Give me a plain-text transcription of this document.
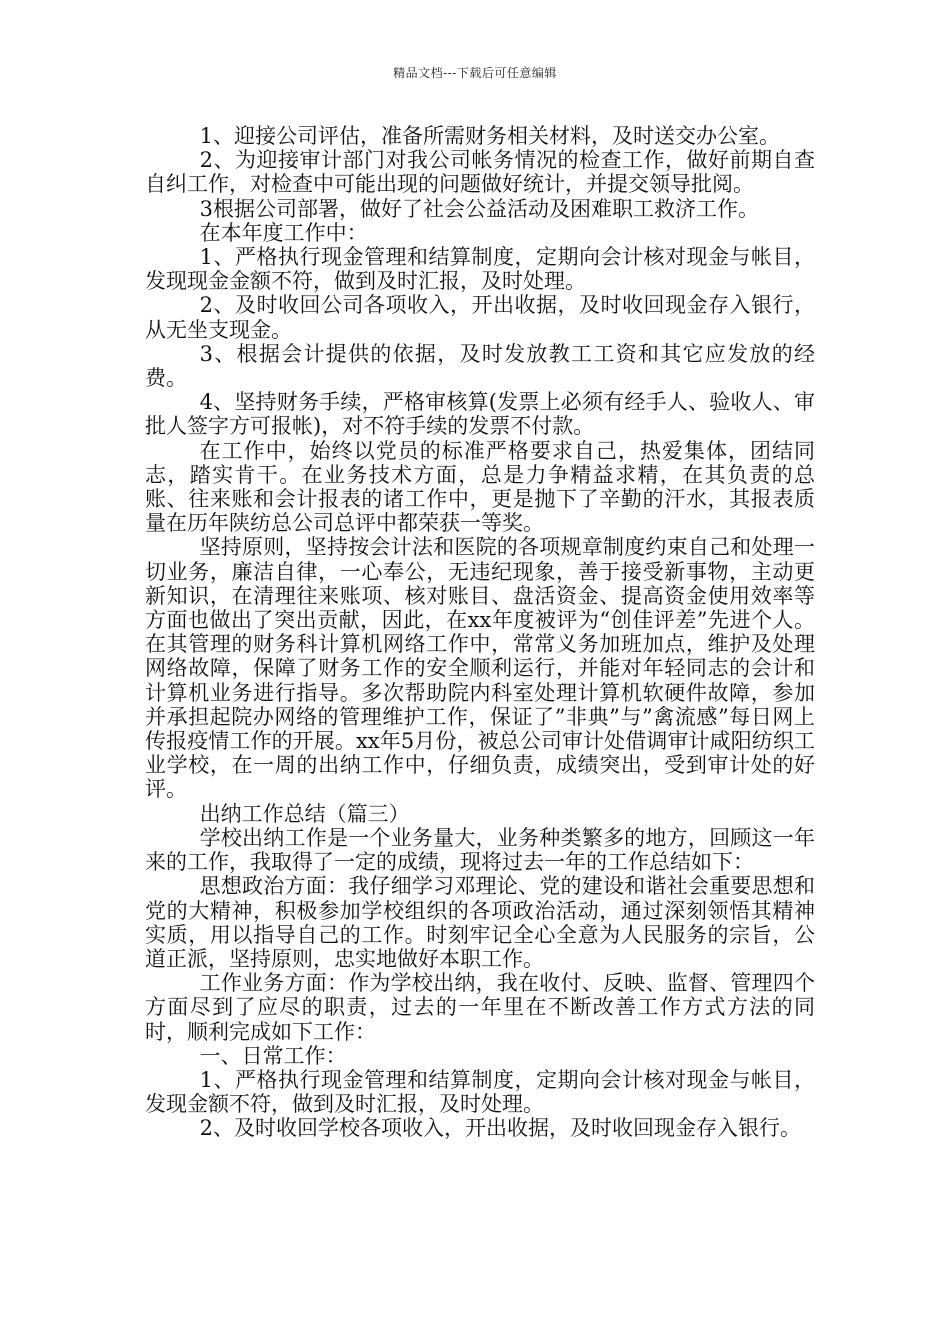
精品文档---下载后可任意编辑

1、迎接公司评估，准备所需财务相关材料，及时送交办公室。

2、为迎接审计部门对我公司帐务情况的检查工作，做好前期自查自纠工作，对检查中可能出现的问题做好统计，并提交领导批阅。

3根据公司部署，做好了社会公益活动及困难职工救济工作。

在本年度工作中：

1、严格执行现金管理和结算制度，定期向会计核对现金与帐目，发现现金金额不符，做到及时汇报，及时处理。

2、及时收回公司各项收入，开出收据，及时收回现金存入银行，从无坐支现金。

3、根据会计提供的依据，及时发放教工工资和其它应发放的经费。

4、坚持财务手续，严格审核算(发票上必须有经手人、验收人、审批人签字方可报帐)，对不符手续的发票不付款。

在工作中，始终以党员的标准严格要求自己，热爱集体，团结同志，踏实肯干。在业务技术方面，总是力争精益求精，在其负责的总账、往来账和会计报表的诸工作中，更是抛下了辛勤的汗水，其报表质量在历年陕纺总公司总评中都荣获一等奖。

坚持原则，坚持按会计法和医院的各项规章制度约束自己和处理一切业务，廉洁自律，一心奉公，无违纪现象，善于接受新事物，主动更新知识，在清理往来账项、核对账目、盘活资金、提高资金使用效率等方面也做出了突出贡献，因此，在xx年度被评为“创佳评差”先进个人。在其管理的财务科计算机网络工作中，常常义务加班加点，维护及处理网络故障，保障了财务工作的安全顺利运行，并能对年轻同志的会计和计算机业务进行指导。多次帮助院内科室处理计算机软硬件故障，参加并承担起院办网络的管理维护工作，保证了”非典”与”禽流感”每日网上传报疫情工作的开展。xx年5月份，被总公司审计处借调审计咸阳纺织工业学校，在一周的出纳工作中，仔细负责，成绩突出，受到审计处的好评。

出纳工作总结（篇三）

学校出纳工作是一个业务量大，业务种类繁多的地方，回顾这一年来的工作，我取得了一定的成绩，现将过去一年的工作总结如下：

思想政治方面：我仔细学习邓理论、党的建设和谐社会重要思想和党的大精神，积极参加学校组织的各项政治活动，通过深刻领悟其精神实质，用以指导自己的工作。时刻牢记全心全意为人民服务的宗旨，公道正派，坚持原则，忠实地做好本职工作。

工作业务方面：作为学校出纳，我在收付、反映、监督、管理四个方面尽到了应尽的职责，过去的一年里在不断改善工作方式方法的同时，顺利完成如下工作：

一、日常工作：

1、严格执行现金管理和结算制度，定期向会计核对现金与帐目，发现金额不符，做到及时汇报，及时处理。

2、及时收回学校各项收入，开出收据，及时收回现金存入银行。
